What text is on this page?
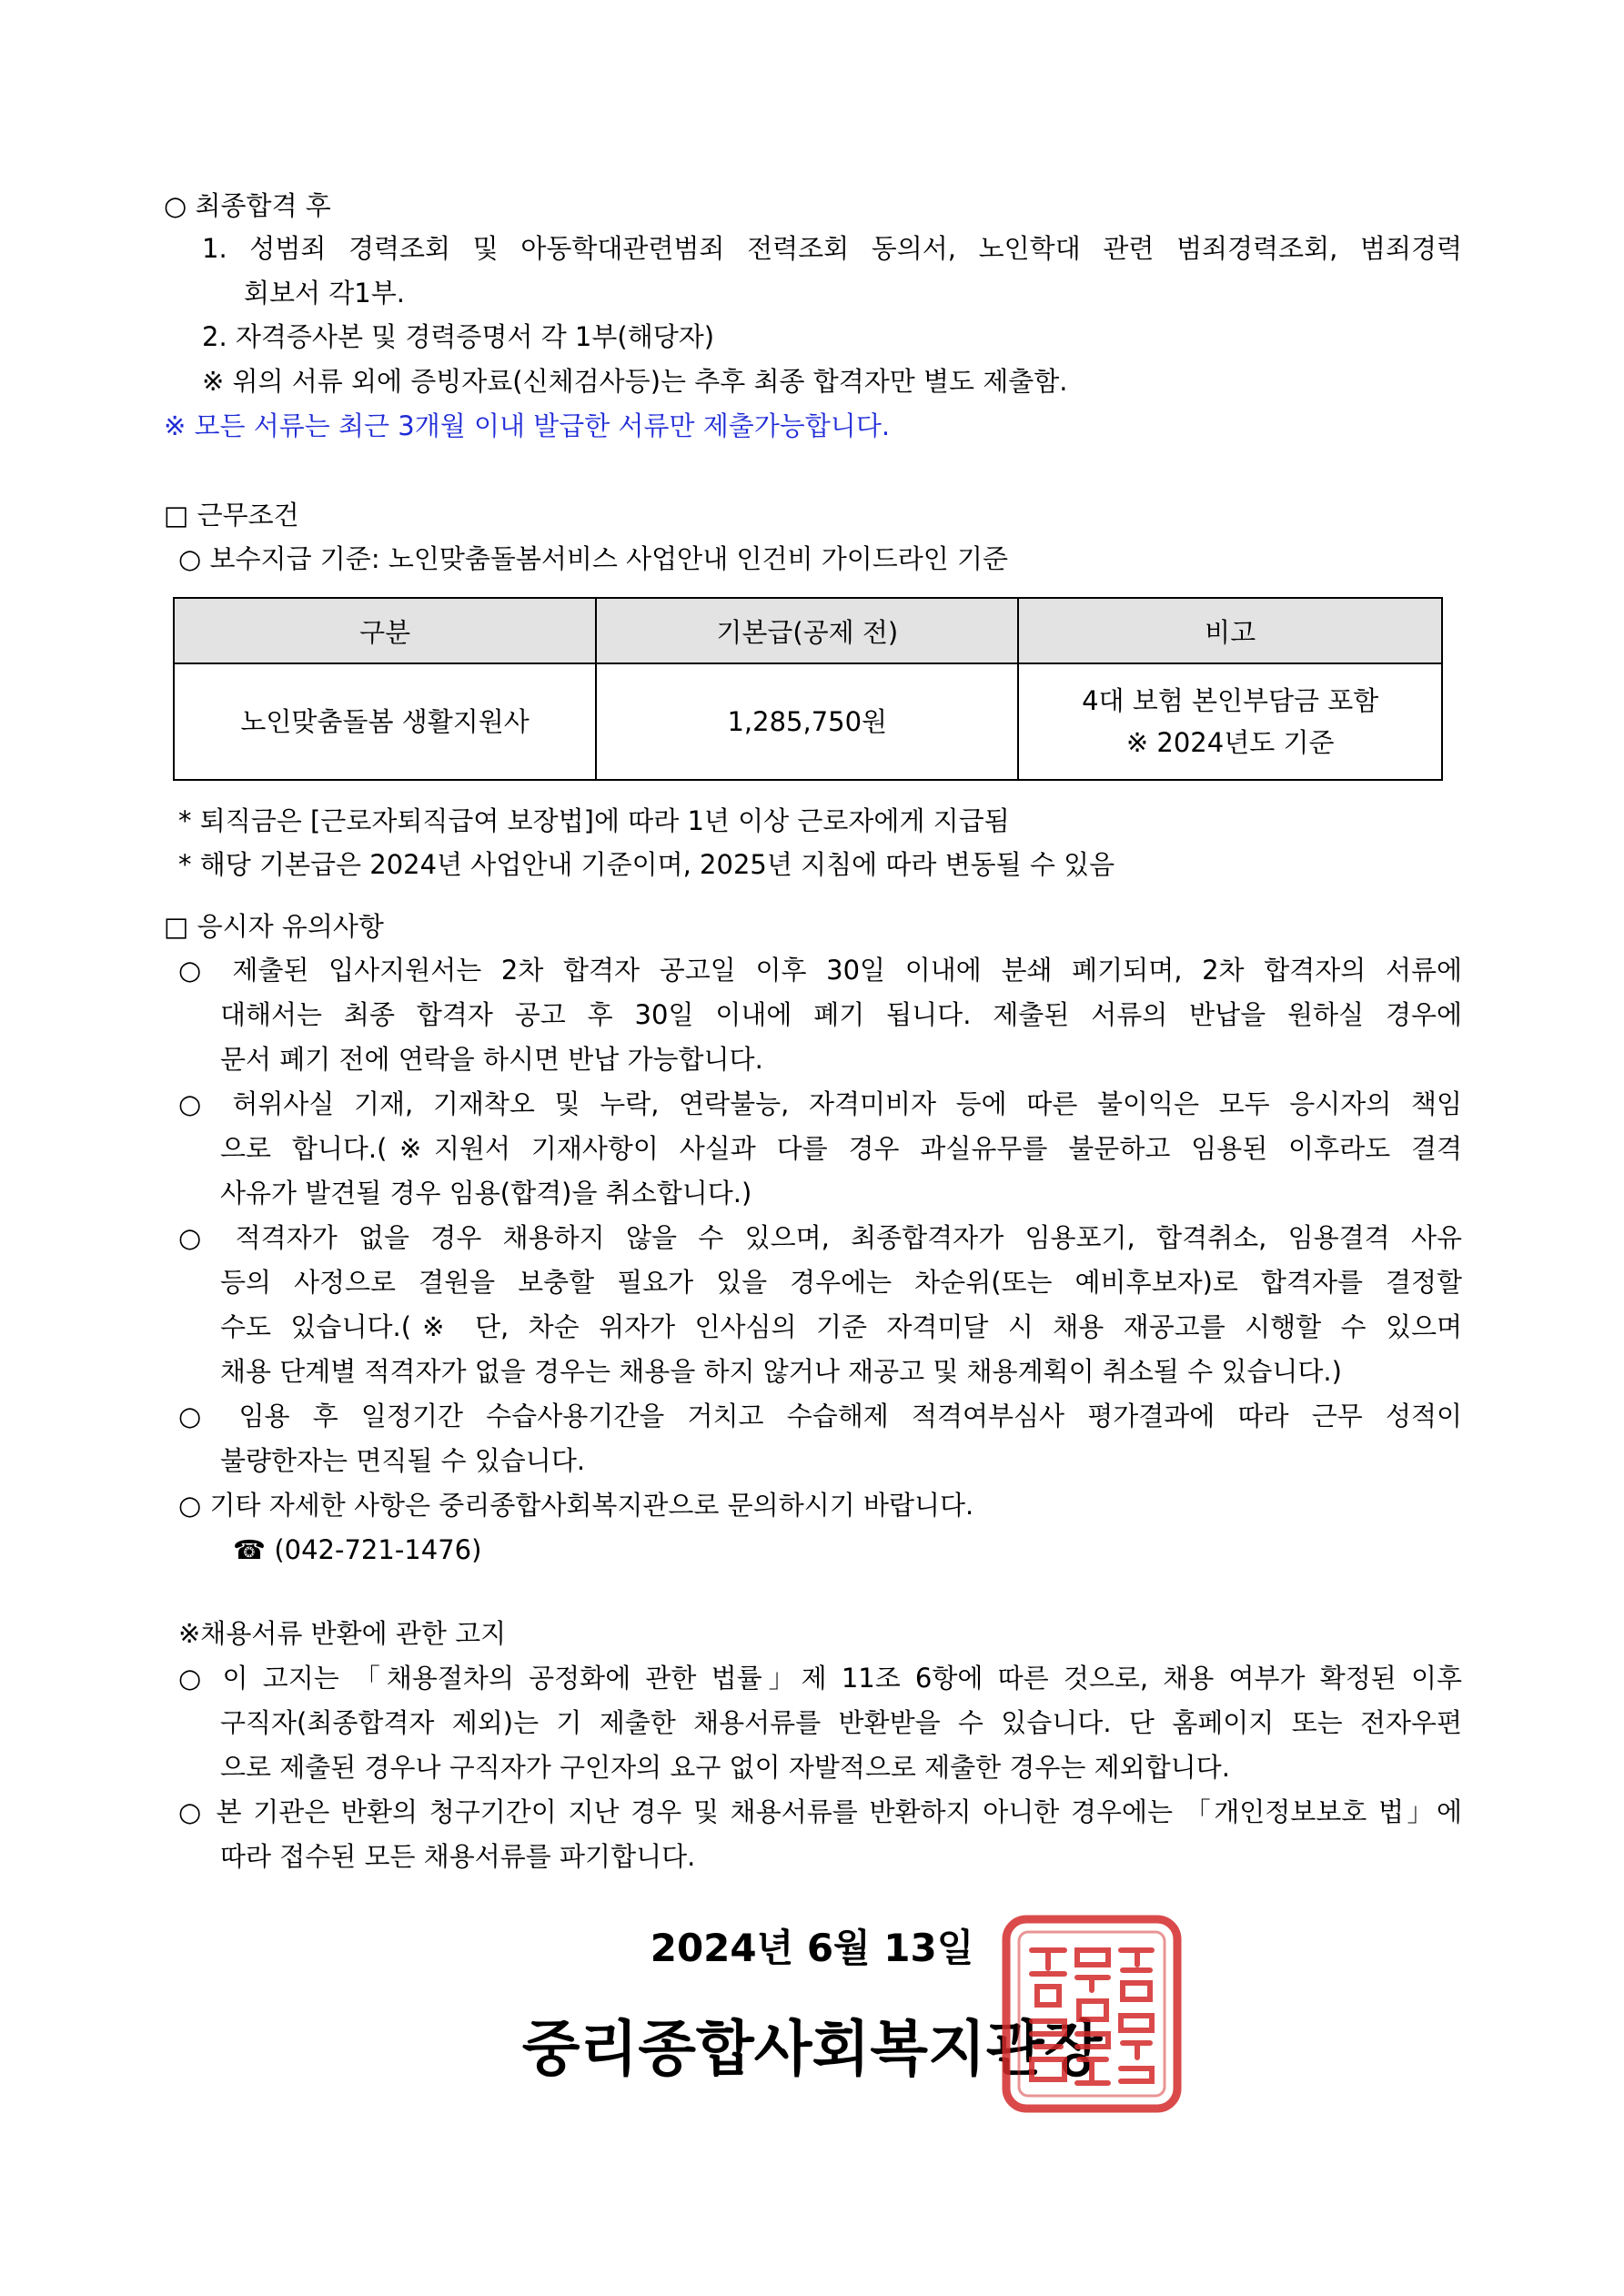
○ 최종합격 후
1. 성범죄 경력조회 및 아동학대관련범죄 전력조회 동의서, 노인학대 관련 범죄경력조회, 범죄경력
회보서 각1부.
2. 자격증사본 및 경력증명서 각 1부(해당자)
※ 위의 서류 외에 증빙자료(신체검사등)는 추후 최종 합격자만 별도 제출함.
※ 모든 서류는 최근 3개월 이내 발급한 서류만 제출가능합니다.
□ 근무조건
○ 보수지급 기준: 노인맞춤돌봄서비스 사업안내 인건비 가이드라인 기준
구분	기본급(공제 전)	비고
노인맞춤돌봄 생활지원사	1,285,750원	4대 보험 본인부담금 포함
※ 2024년도 기준
* 퇴직금은 [근로자퇴직급여 보장법]에 따라 1년 이상 근로자에게 지급됨
* 해당 기본급은 2024년 사업안내 기준이며, 2025년 지침에 따라 변동될 수 있음
□ 응시자 유의사항
○ 제출된 입사지원서는 2차 합격자 공고일 이후 30일 이내에 분쇄 폐기되며, 2차 합격자의 서류에
대해서는 최종 합격자 공고 후 30일 이내에 폐기 됩니다. 제출된 서류의 반납을 원하실 경우에
문서 폐기 전에 연락을 하시면 반납 가능합니다.
○ 허위사실 기재, 기재착오 및 누락, 연락불능, 자격미비자 등에 따른 불이익은 모두 응시자의 책임
으로 합니다.(※지원서 기재사항이 사실과 다를 경우 과실유무를 불문하고 임용된 이후라도 결격
사유가 발견될 경우 임용(합격)을 취소합니다.)
○ 적격자가 없을 경우 채용하지 않을 수 있으며, 최종합격자가 임용포기, 합격취소, 임용결격 사유
등의 사정으로 결원을 보충할 필요가 있을 경우에는 차순위(또는 예비후보자)로 합격자를 결정할
수도 있습니다.(※ 단, 차순 위자가 인사심의 기준 자격미달 시 채용 재공고를 시행할 수 있으며
채용 단계별 적격자가 없을 경우는 채용을 하지 않거나 재공고 및 채용계획이 취소될 수 있습니다.)
○ 임용 후 일정기간 수습사용기간을 거치고 수습해제 적격여부심사 평가결과에 따라 근무 성적이
불량한자는 면직될 수 있습니다.
○ 기타 자세한 사항은 중리종합사회복지관으로 문의하시기 바랍니다.
☎ (042-721-1476)
※채용서류 반환에 관한 고지
○ 이 고지는 「채용절차의 공정화에 관한 법률」제 11조 6항에 따른 것으로, 채용 여부가 확정된 이후
구직자(최종합격자 제외)는 기 제출한 채용서류를 반환받을 수 있습니다. 단 홈페이지 또는 전자우편
으로 제출된 경우나 구직자가 구인자의 요구 없이 자발적으로 제출한 경우는 제외합니다.
○ 본 기관은 반환의 청구기간이 지난 경우 및 채용서류를 반환하지 아니한 경우에는 「개인정보보호 법」에
따라 접수된 모든 채용서류를 파기합니다.
2024년 6월 13일
중리종합사회복지관장
